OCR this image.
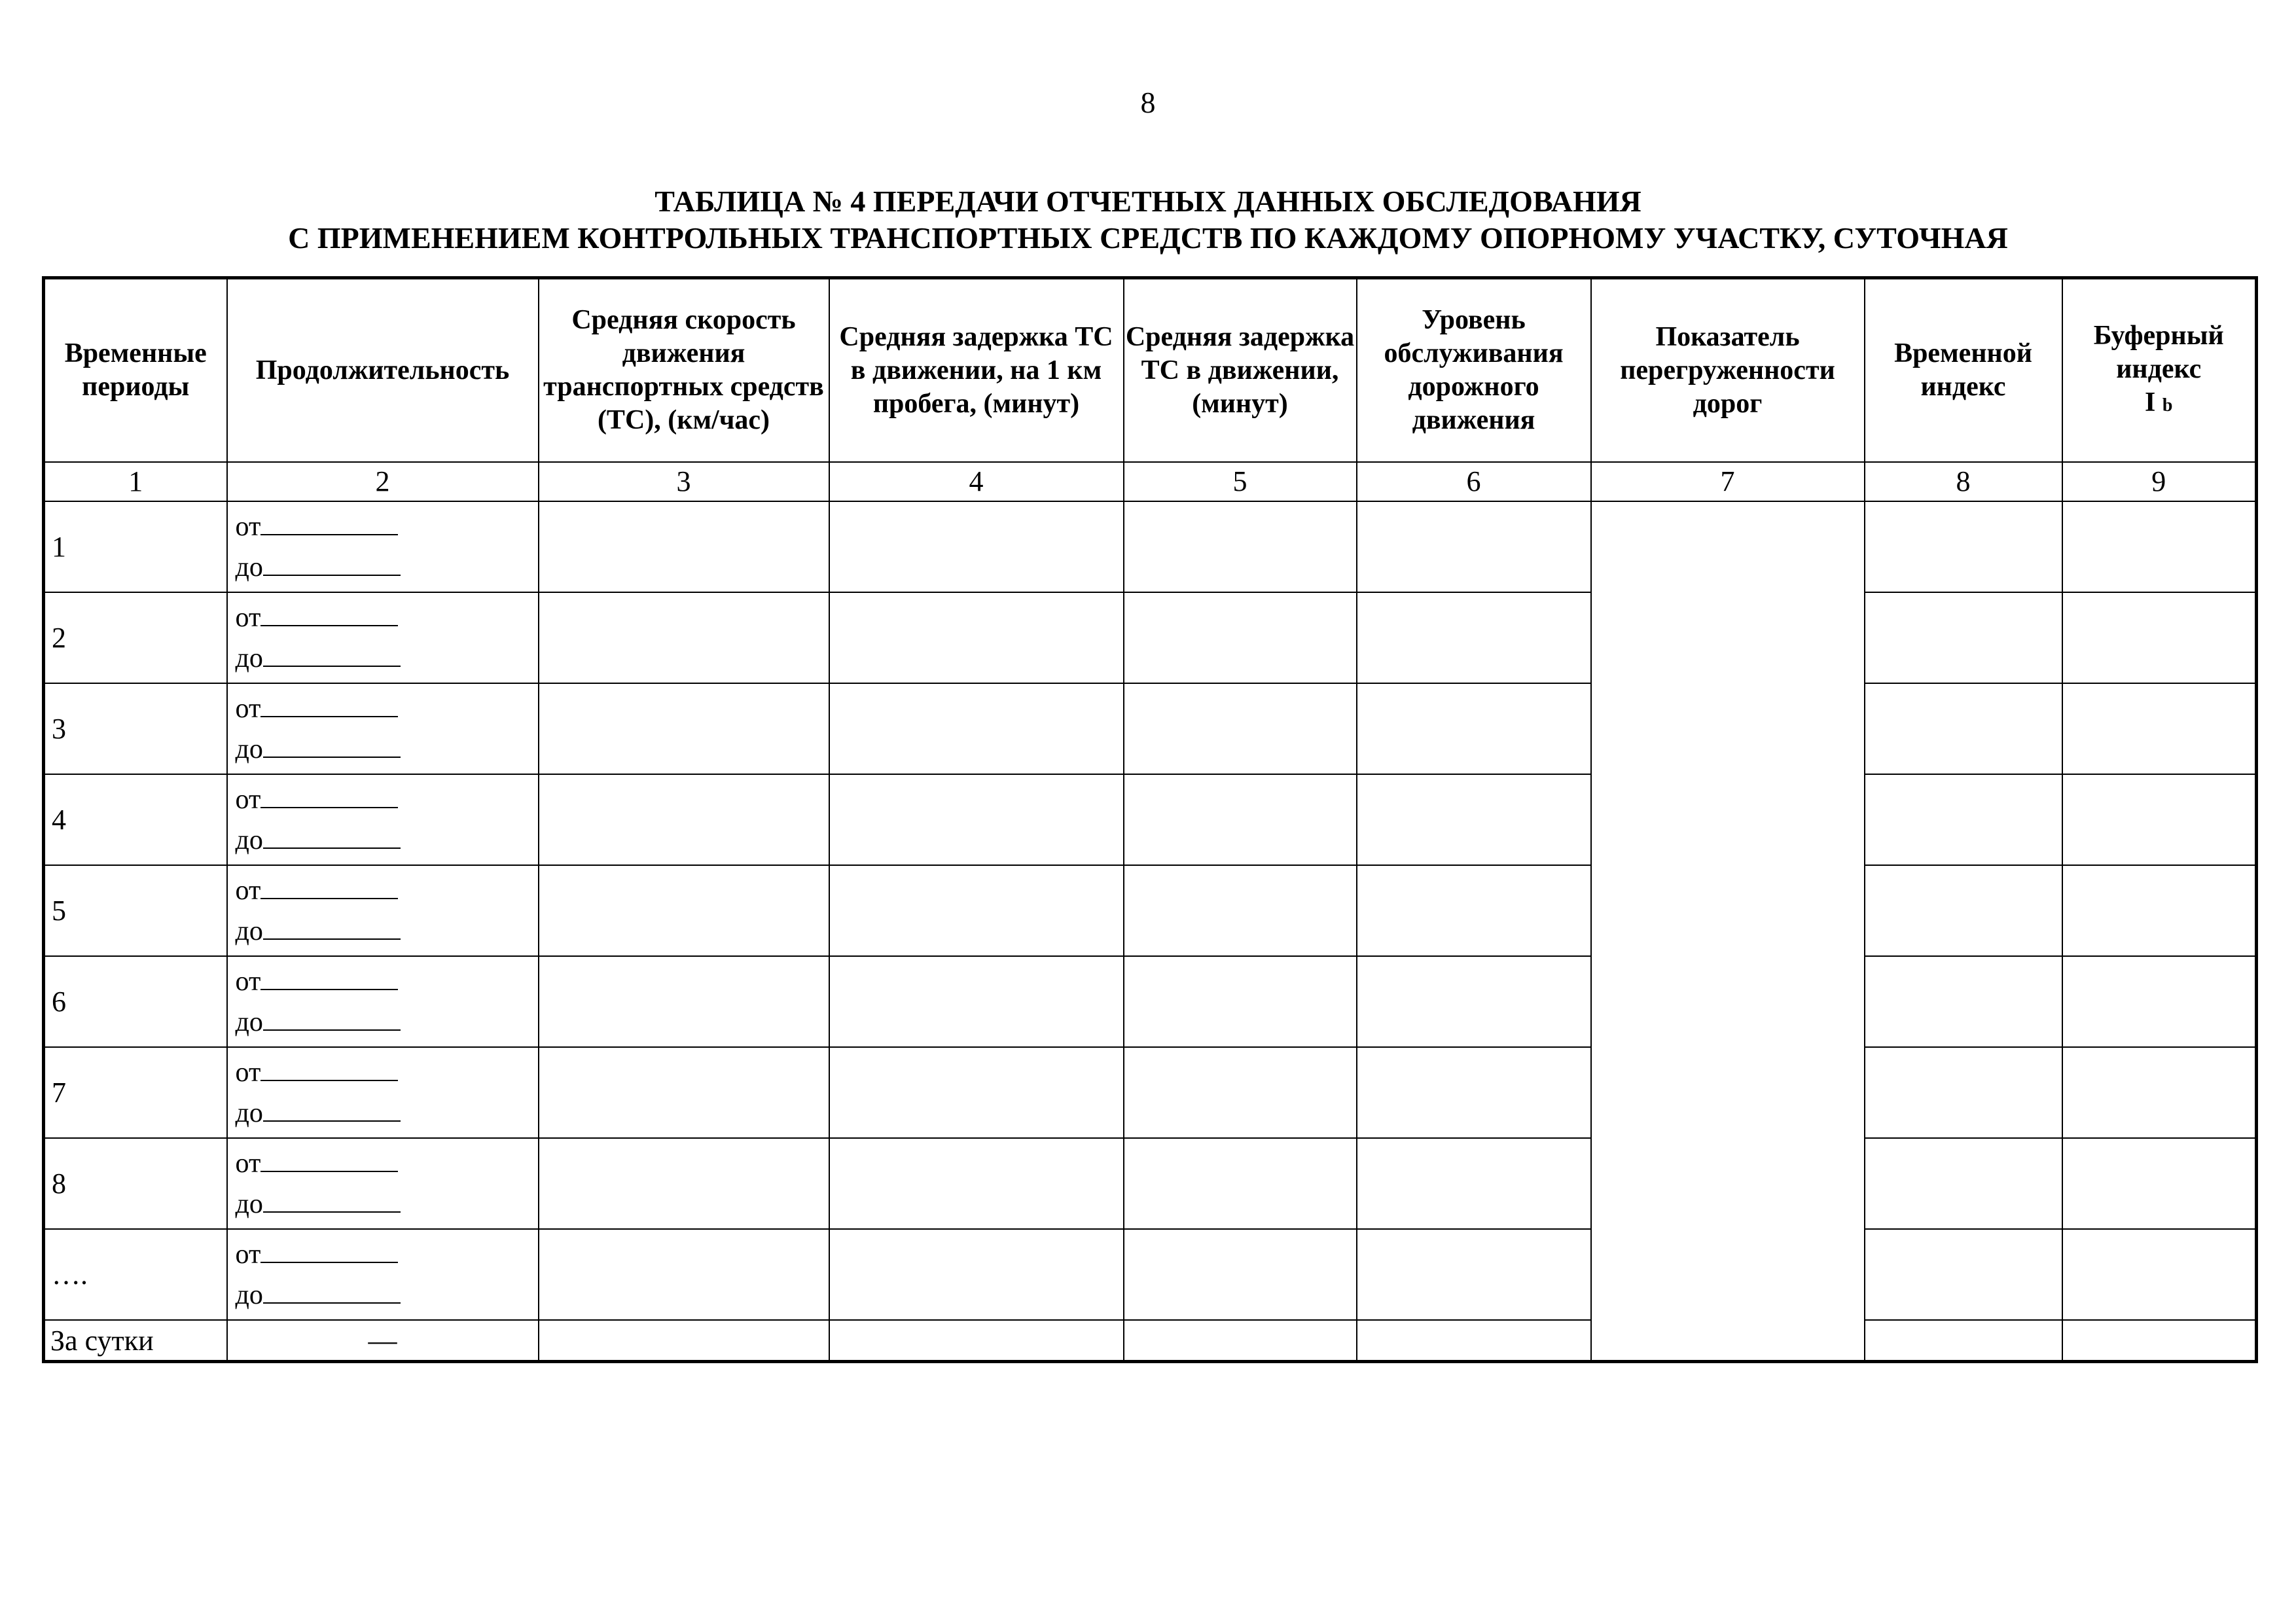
8
ТАБЛИЦА № 4 ПЕРЕДАЧИ ОТЧЕТНЫХ ДАННЫХ ОБСЛЕДОВАНИЯ
С ПРИМЕНЕНИЕМ КОНТРОЛЬНЫХ ТРАНСПОРТНЫХ СРЕДСТВ ПО КАЖДОМУ ОПОРНОМУ УЧАСТКУ, СУТОЧНАЯ
Временные периоды	Продолжительность	Средняя скорость движения транспортных средств (ТС), (км/час)	Средняя задержка ТС в движении, на 1 км пробега, (минут)	Средняя задержка ТС в движении, (минут)	Уровень обслуживания дорожного движения	Показатель перегруженности дорог	Временной индекс	Буферный индекс
I b
1	2	3	4	5	6	7	8	9
1	от
до							

2	от
до							

3	от
до							

4	от
до							

5	от
до							

6	от
до							

7	от
до							

8	от
до							

….	от
до							

За сутки	—							
